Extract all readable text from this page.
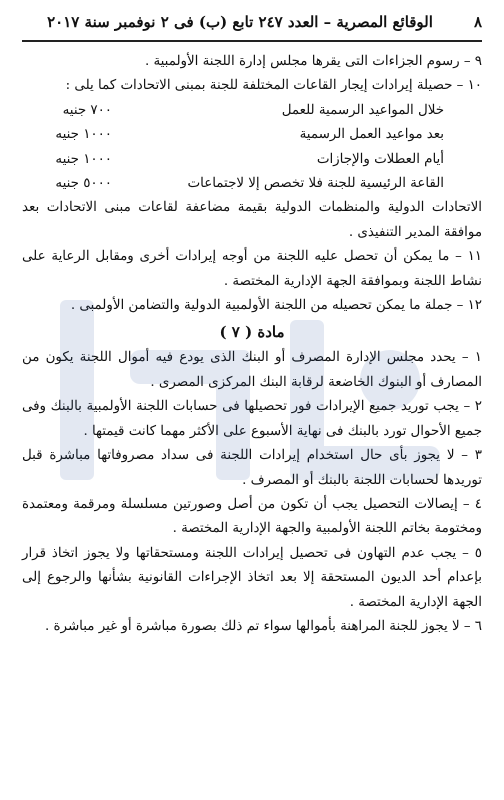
٨
الوقائع المصرية – العدد ٢٤٧ تابع (ب) فى ٢ نوفمبر سنة ٢٠١٧

٩ – رسوم الجزاءات التى يقرها مجلس إدارة اللجنة الأولمبية .

١٠ – حصيلة إيرادات إيجار القاعات المختلفة للجنة بمبنى الاتحادات كما يلى :

خلال المواعيد الرسمية للعمل
٧٠٠ جنيه
بعد مواعيد العمل الرسمية
١٠٠٠ جنيه
أيام العطلات والإجازات
١٠٠٠ جنيه
القاعة الرئيسية للجنة فلا تخصص إلا لاجتماعات
٥٠٠٠ جنيه

الاتحادات الدولية والمنظمات الدولية بقيمة مضاعفة لقاعات مبنى الاتحادات بعد موافقة المدير التنفيذى .

١١ – ما يمكن أن تحصل عليه اللجنة من أوجه إيرادات أخرى ومقابل الرعاية على نشاط اللجنة وبموافقة الجهة الإدارية المختصة .

١٢ – جملة ما يمكن تحصيله من اللجنة الأولمبية الدولية والتضامن الأولمبى .

مادة ( ٧ )

١ – يحدد مجلس الإدارة المصرف أو البنك الذى يودع فيه أموال اللجنة يكون من المصارف أو البنوك الخاضعة لرقابة البنك المركزى المصرى .

٢ – يجب توريد جميع الإيرادات فور تحصيلها فى حسابات اللجنة الأولمبية بالبنك وفى جميع الأحوال تورد بالبنك فى نهاية الأسبوع على الأكثر مهما كانت قيمتها .

٣ – لا يجوز بأى حال استخدام إيرادات اللجنة فى سداد مصروفاتها مباشرة قبل توريدها لحسابات اللجنة بالبنك أو المصرف .

٤ – إيصالات التحصيل يجب أن تكون من أصل وصورتين مسلسلة ومرقمة ومعتمدة ومختومة بخاتم اللجنة الأولمبية والجهة الإدارية المختصة .

٥ – يجب عدم التهاون فى تحصيل إيرادات اللجنة ومستحقاتها ولا يجوز اتخاذ قرار بإعدام أحد الديون المستحقة إلا بعد اتخاذ الإجراءات القانونية بشأنها والرجوع إلى الجهة الإدارية المختصة .

٦ – لا يجوز للجنة المراهنة بأموالها سواء تم ذلك بصورة مباشرة أو غير مباشرة .
